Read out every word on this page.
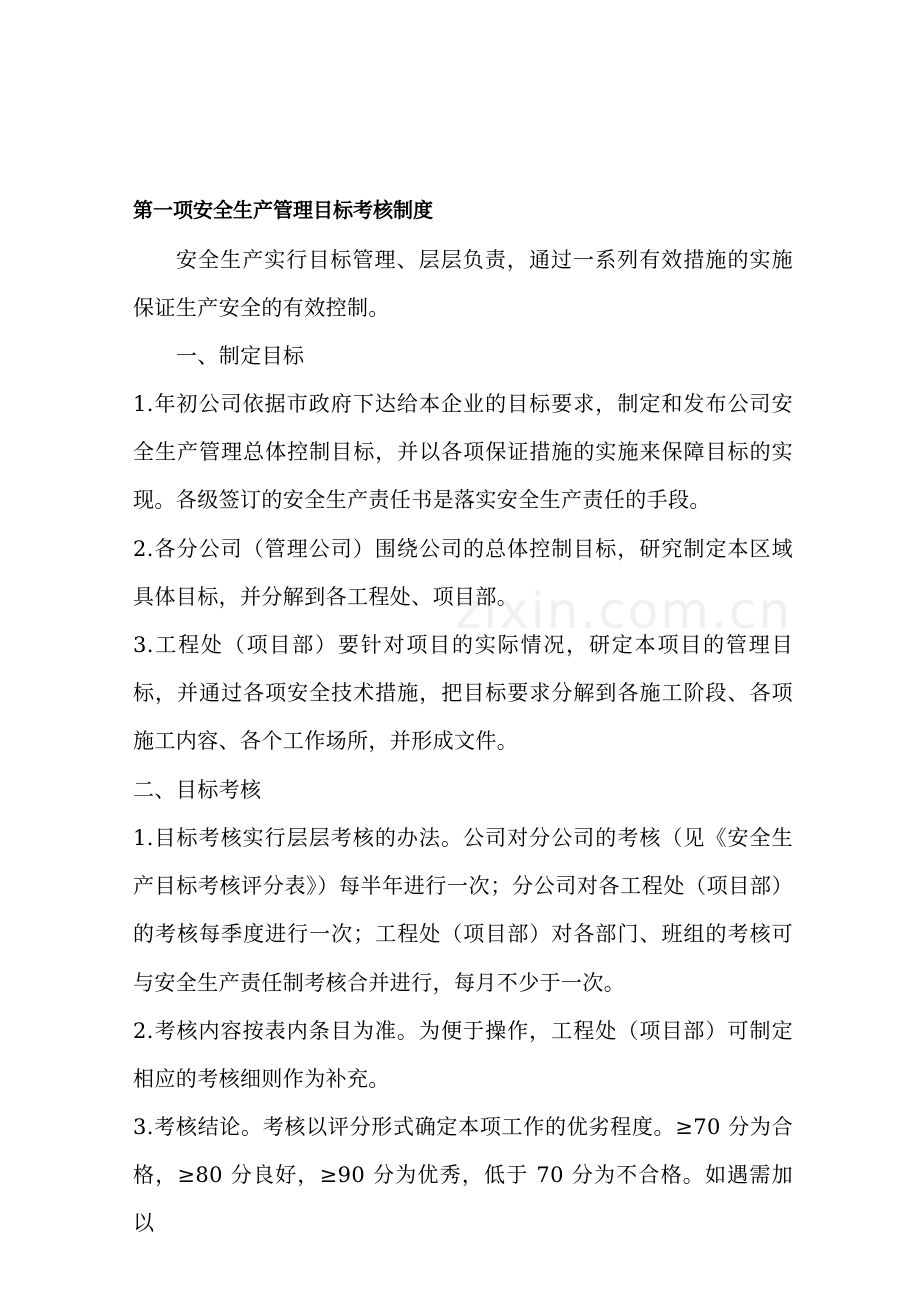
zixin.com.cn
第一项安全生产管理目标考核制度
安全生产实行目标管理、层层负责，通过一系列有效措施的实施保证生产安全的有效控制。
一、制定目标
1.年初公司依据市政府下达给本企业的目标要求，制定和发布公司安全生产管理总体控制目标，并以各项保证措施的实施来保障目标的实现。各级签订的安全生产责任书是落实安全生产责任的手段。
2.各分公司（管理公司）围绕公司的总体控制目标，研究制定本区域具体目标，并分解到各工程处、项目部。
3.工程处（项目部）要针对项目的实际情况，研定本项目的管理目标，并通过各项安全技术措施，把目标要求分解到各施工阶段、各项施工内容、各个工作场所，并形成文件。
二、目标考核
1.目标考核实行层层考核的办法。公司对分公司的考核（见《安全生产目标考核评分表》）每半年进行一次；分公司对各工程处（项目部）的考核每季度进行一次；工程处（项目部）对各部门、班组的考核可与安全生产责任制考核合并进行，每月不少于一次。
2.考核内容按表内条目为准。为便于操作，工程处（项目部）可制定相应的考核细则作为补充。
3.考核结论。考核以评分形式确定本项工作的优劣程度。≥70 分为合格，≥80 分良好，≥90 分为优秀，低于 70 分为不合格。如遇需加以
